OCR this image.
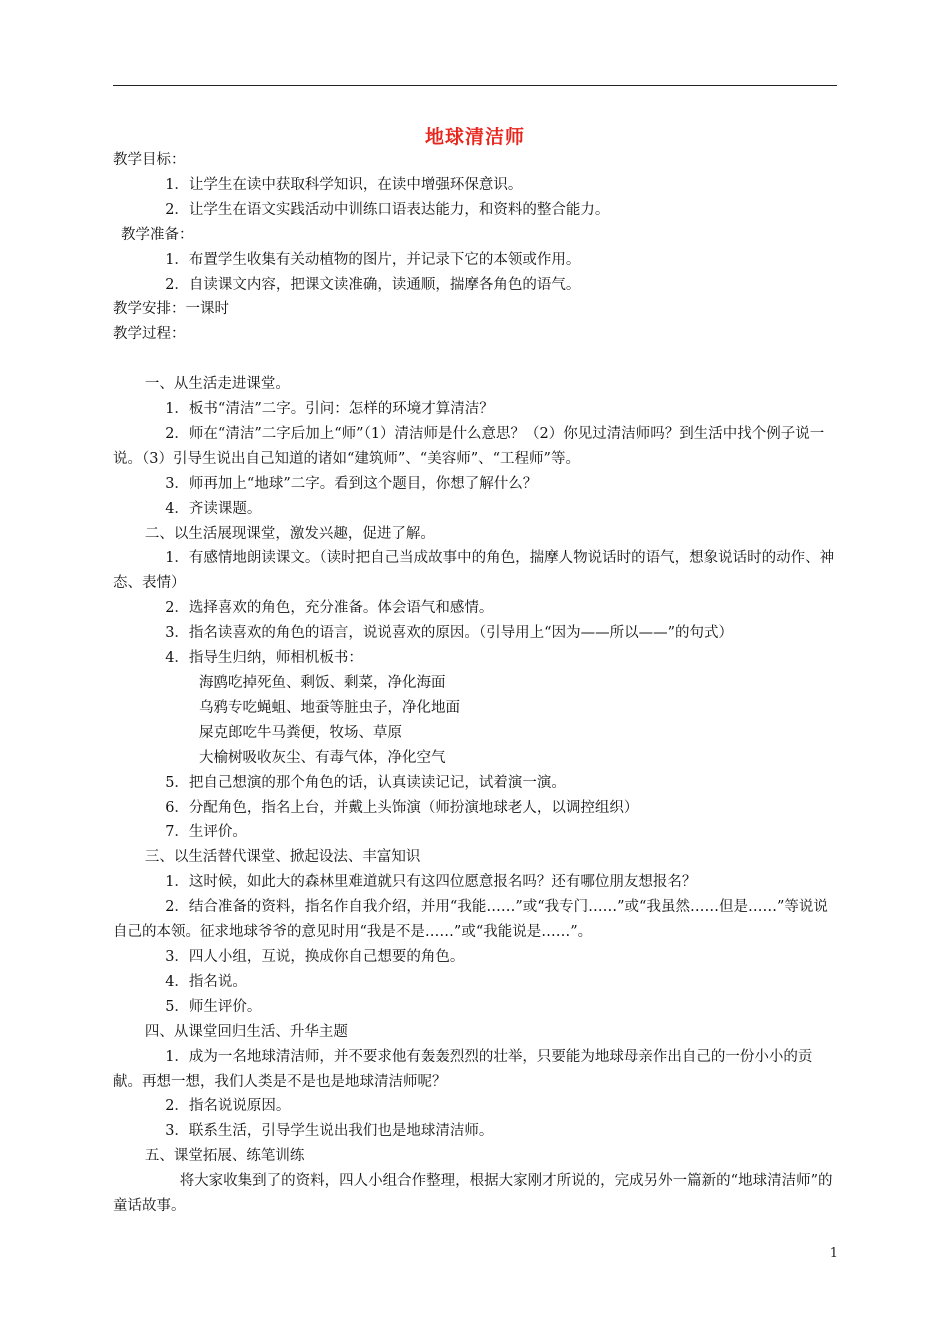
地球清洁师

教学目标：

1．让学生在读中获取科学知识，在读中增强环保意识。

2．让学生在语文实践活动中训练口语表达能力，和资料的整合能力。

教学准备：

1．布置学生收集有关动植物的图片，并记录下它的本领或作用。

2．自读课文内容，把课文读准确，读通顺，揣摩各角色的语气。

教学安排：一课时

教学过程：

一、从生活走进课堂。

1．板书“清洁”二字。引问：怎样的环境才算清洁？

2．师在“清洁”二字后加上“师”（1）清洁师是什么意思？（2）你见过清洁师吗？到生活中找个例子说一说。（3）引导生说出自己知道的诸如“建筑师”、“美容师”、“工程师”等。

3．师再加上“地球”二字。看到这个题目，你想了解什么？

4．齐读课题。

二、以生活展现课堂，激发兴趣，促进了解。

1．有感情地朗读课文。（读时把自己当成故事中的角色，揣摩人物说话时的语气，想象说话时的动作、神态、表情）

2．选择喜欢的角色，充分准备。体会语气和感情。

3．指名读喜欢的角色的语言，说说喜欢的原因。（引导用上“因为——所以——”的句式）

4．指导生归纳，师相机板书：

海鸥吃掉死鱼、剩饭、剩菜，净化海面

乌鸦专吃蝇蛆、地蚕等脏虫子，净化地面

屎克郎吃牛马粪便，牧场、草原

大榆树吸收灰尘、有毒气体，净化空气

5．把自己想演的那个角色的话，认真读读记记，试着演一演。

6．分配角色，指名上台，并戴上头饰演（师扮演地球老人，以调控组织）

7．生评价。

三、以生活替代课堂、掀起设法、丰富知识

1．这时候，如此大的森林里难道就只有这四位愿意报名吗？还有哪位朋友想报名？

2．结合准备的资料，指名作自我介绍，并用“我能……”或“我专门……”或“我虽然……但是……”等说说自己的本领。征求地球爷爷的意见时用“我是不是……”或“我能说是……”。

3．四人小组，互说，换成你自己想要的角色。

4．指名说。

5．师生评价。

四、从课堂回归生活、升华主题

1．成为一名地球清洁师，并不要求他有轰轰烈烈的壮举，只要能为地球母亲作出自己的一份小小的贡献。再想一想，我们人类是不是也是地球清洁师呢？

2．指名说说原因。

3．联系生活，引导学生说出我们也是地球清洁师。

五、课堂拓展、练笔训练

将大家收集到了的资料，四人小组合作整理，根据大家刚才所说的，完成另外一篇新的“地球清洁师”的童话故事。

1
